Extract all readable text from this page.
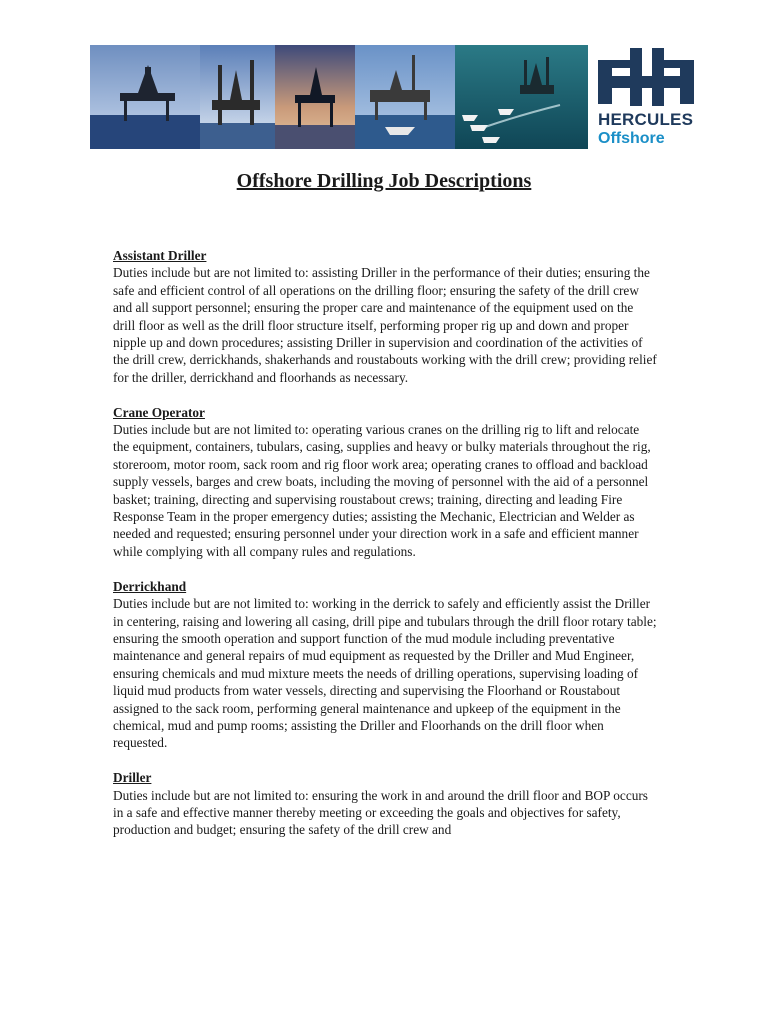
HERCULES
Offshore
Offshore Drilling Job Descriptions
Assistant Driller

Duties include but are not limited to: assisting Driller in the performance of their duties; ensuring the safe and efficient control of all operations on the drilling floor; ensuring the safety of the drill crew and all support personnel; ensuring the proper care and maintenance of the equipment used on the drill floor as well as the drill floor structure itself, performing proper rig up and down and proper nipple up and down procedures; assisting Driller in supervision and coordination of the activities of the drill crew, derrickhands, shakerhands and roustabouts working with the drill crew; providing relief for the driller, derrickhand and floorhands as necessary.

Crane Operator

Duties include but are not limited to: operating various cranes on the drilling rig to lift and relocate the equipment, containers, tubulars, casing, supplies and heavy or bulky materials throughout the rig, storeroom, motor room, sack room and rig floor work area; operating cranes to offload and backload supply vessels, barges and crew boats, including the moving of personnel with the aid of a personnel basket; training, directing and supervising roustabout crews; training, directing and leading Fire Response Team in the proper emergency duties; assisting the Mechanic, Electrician and Welder as needed and requested; ensuring personnel under your direction work in a safe and efficient manner while complying with all company rules and regulations.

Derrickhand

Duties include but are not limited to: working in the derrick to safely and efficiently assist the Driller in centering, raising and lowering all casing, drill pipe and tubulars through the drill floor rotary table; ensuring the smooth operation and support function of the mud module including preventative maintenance and general repairs of mud equipment as requested by the Driller and Mud Engineer, ensuring chemicals and mud mixture meets the needs of drilling operations, supervising loading of liquid mud products from water vessels, directing and supervising the Floorhand or Roustabout assigned to the sack room, performing general maintenance and upkeep of the equipment in the chemical, mud and pump rooms; assisting the Driller and Floorhands on the drill floor when requested.

Driller

Duties include but are not limited to: ensuring the work in and around the drill floor and BOP occurs in a safe and effective manner thereby meeting or exceeding the goals and objectives for safety, production and budget; ensuring the safety of the drill crew and
